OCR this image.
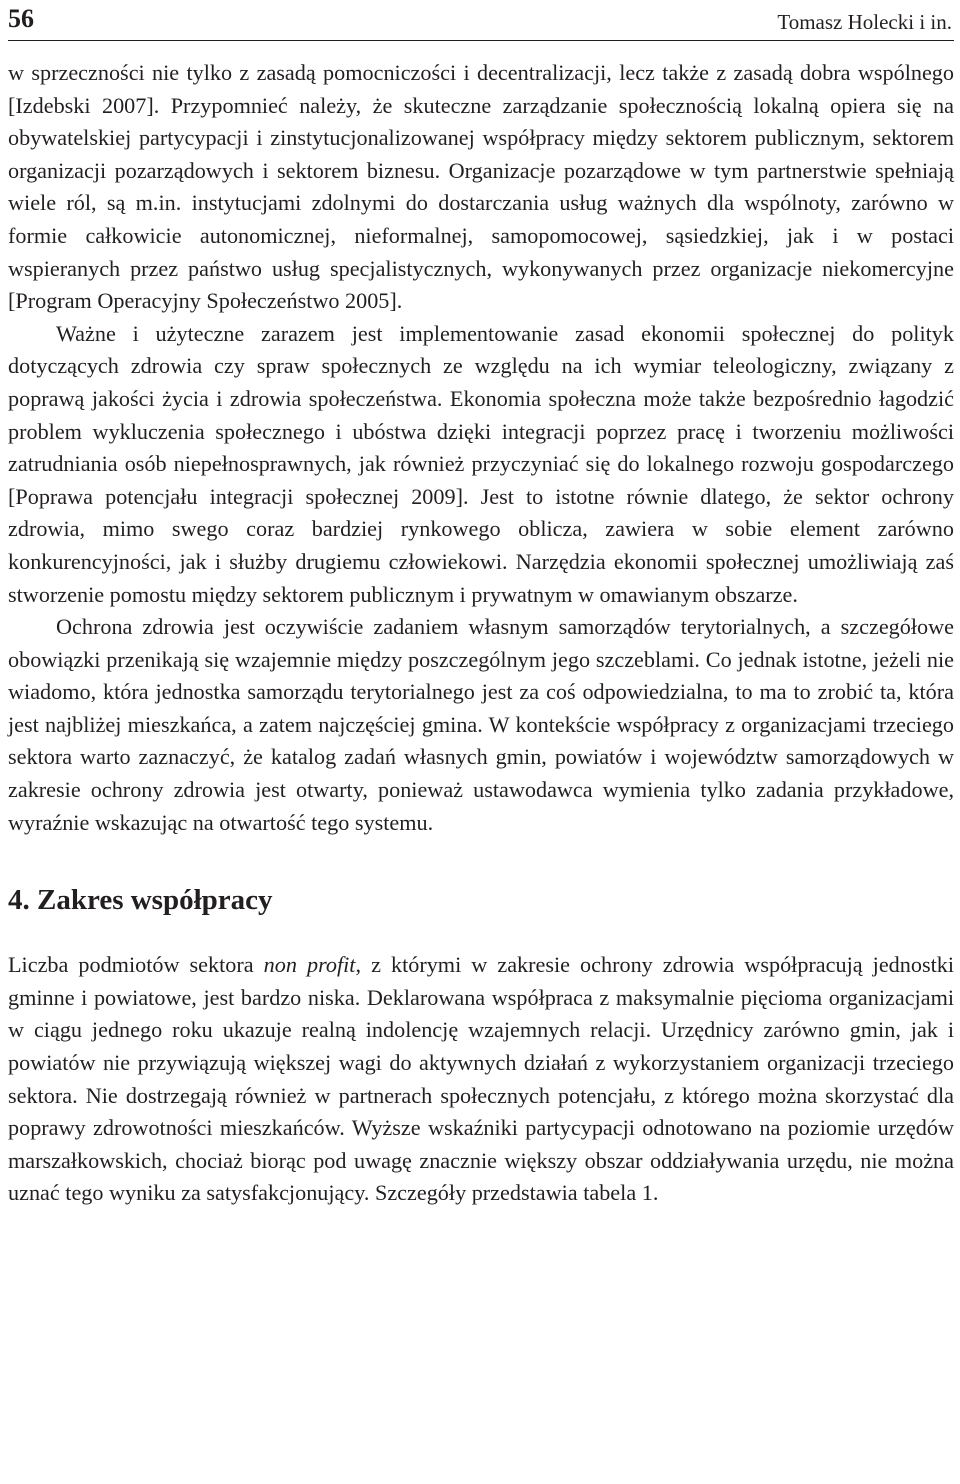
56	Tomasz Holecki i in.

w sprzeczności nie tylko z zasadą pomocniczości i decentralizacji, lecz także z zasadą dobra wspólnego [Izdebski 2007]. Przypomnieć należy, że skuteczne zarządzanie społecznością lokalną opiera się na obywatelskiej partycypacji i zinstytucjonalizowanej współpracy między sektorem publicznym, sektorem organizacji pozarządowych i sektorem biznesu. Organizacje pozarządowe w tym partnerstwie spełniają wiele ról, są m.in. instytucjami zdolnymi do dostarczania usług ważnych dla wspólnoty, zarówno w formie całkowicie autonomicznej, nieformalnej, samopomocowej, sąsiedzkiej, jak i w postaci wspieranych przez państwo usług specjalistycznych, wykonywanych przez organizacje niekomercyjne [Program Operacyjny Społeczeństwo 2005].

Ważne i użyteczne zarazem jest implementowanie zasad ekonomii społecznej do polityk dotyczących zdrowia czy spraw społecznych ze względu na ich wymiar teleologiczny, związany z poprawą jakości życia i zdrowia społeczeństwa. Ekonomia społeczna może także bezpośrednio łagodzić problem wykluczenia społecznego i ubóstwa dzięki integracji poprzez pracę i tworzeniu możliwości zatrudniania osób niepełnosprawnych, jak również przyczyniać się do lokalnego rozwoju gospodarczego [Poprawa potencjału integracji społecznej 2009]. Jest to istotne równie dlatego, że sektor ochrony zdrowia, mimo swego coraz bardziej rynkowego oblicza, zawiera w sobie element zarówno konkurencyjności, jak i służby drugiemu człowiekowi. Narzędzia ekonomii społecznej umożliwiają zaś stworzenie pomostu między sektorem publicznym i prywatnym w omawianym obszarze.

Ochrona zdrowia jest oczywiście zadaniem własnym samorządów terytorialnych, a szczegółowe obowiązki przenikają się wzajemnie między poszczególnym jego szczeblami. Co jednak istotne, jeżeli nie wiadomo, która jednostka samorządu terytorialnego jest za coś odpowiedzialna, to ma to zrobić ta, która jest najbliżej mieszkańca, a zatem najczęściej gmina. W kontekście współpracy z organizacjami trzeciego sektora warto zaznaczyć, że katalog zadań własnych gmin, powiatów i województw samorządowych w zakresie ochrony zdrowia jest otwarty, ponieważ ustawodawca wymienia tylko zadania przykładowe, wyraźnie wskazując na otwartość tego systemu.

4. Zakres współpracy

Liczba podmiotów sektora non profit, z którymi w zakresie ochrony zdrowia współpracują jednostki gminne i powiatowe, jest bardzo niska. Deklarowana współpraca z maksymalnie pięcioma organizacjami w ciągu jednego roku ukazuje realną indolencję wzajemnych relacji. Urzędnicy zarówno gmin, jak i powiatów nie przywiązują większej wagi do aktywnych działań z wykorzystaniem organizacji trzeciego sektora. Nie dostrzegają również w partnerach społecznych potencjału, z którego można skorzystać dla poprawy zdrowotności mieszkańców. Wyższe wskaźniki partycypacji odnotowano na poziomie urzędów marszałkowskich, chociaż biorąc pod uwagę znacznie większy obszar oddziaływania urzędu, nie można uznać tego wyniku za satysfakcjonujący. Szczegóły przedstawia tabela 1.
